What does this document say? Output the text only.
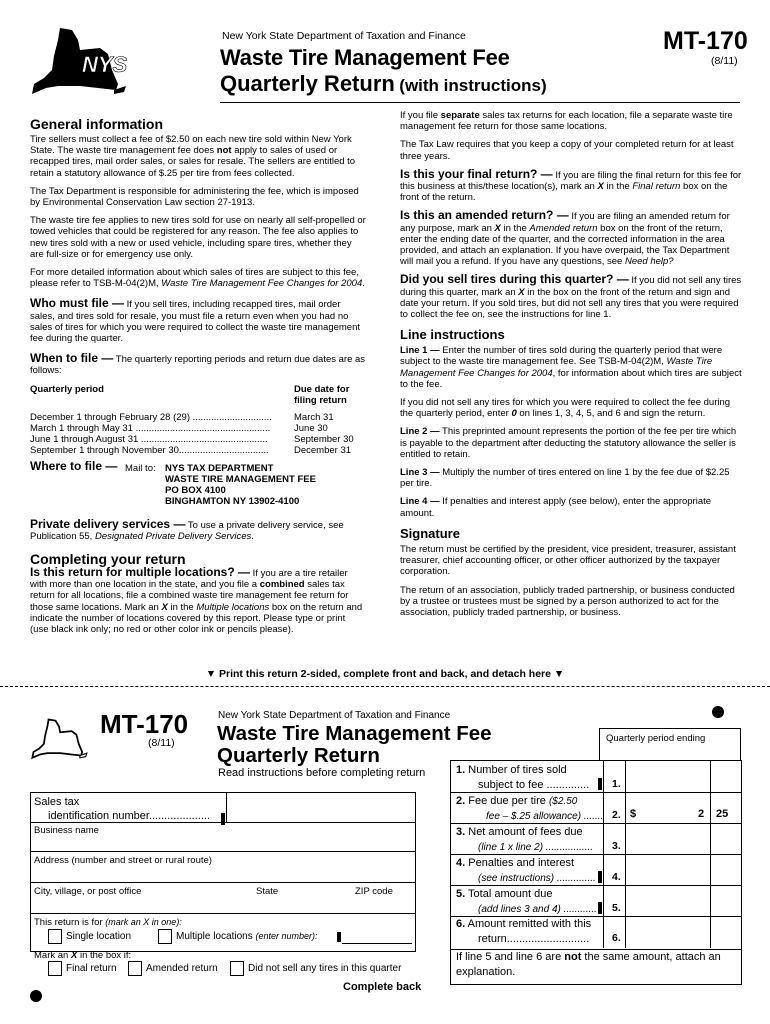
NYS
New York State Department of Taxation and Finance	MT-170
(8/11)
Waste Tire Management Fee
Quarterly Return (with instructions)
General information

Tire sellers must collect a fee of $2.50 on each new tire sold within New York State. The waste tire management fee does not apply to sales of used or recapped tires, mail order sales, or sales for resale. The sellers are entitled to retain a statutory allowance of $.25 per tire from fees collected.

The Tax Department is responsible for administering the fee, which is imposed by Environmental Conservation Law section 27-1913.

The waste tire fee applies to new tires sold for use on nearly all self-propelled or towed vehicles that could be registered for any reason. The fee also applies to new tires sold with a new or used vehicle, including spare tires, whether they are full-size or for emergency use only.

For more detailed information about which sales of tires are subject to this fee, please refer to TSB-M-04(2)M, Waste Tire Management Fee Changes for 2004.

Who must file — If you sell tires, including recapped tires, mail order sales, and tires sold for resale, you must file a return even when you had no sales of tires for which you were required to collect the waste tire management fee during the quarter.

When to file — The quarterly reporting periods and return due dates are as follows:

Quarterly period	Due date for
filing return
December 1 through February 28 (29) ..............................	March 31
March 1 through May 31 ...................................................	June 30
June 1 through August 31 ................................................	September 30
September 1 through November 30..................................	December 31
Where to file — Mail to: NYS TAX DEPARTMENT
WASTE TIRE MANAGEMENT FEE
PO BOX 4100
BINGHAMTON NY 13902-4100

Private delivery services — To use a private delivery service, see Publication 55, Designated Private Delivery Services.

Completing your return

Is this return for multiple locations? — If you are a tire retailer with more than one location in the state, and you file a combined sales tax return for all locations, file a combined waste tire management fee return for those same locations. Mark an X in the Multiple locations box on the return and indicate the number of locations covered by this report. Please type or print (use black ink only; no red or other color ink or pencils please).

If you file separate sales tax returns for each location, file a separate waste tire management fee return for those same locations.

The Tax Law requires that you keep a copy of your completed return for at least three years.

Is this your final return? — If you are filing the final return for this fee for this business at this/these location(s), mark an X in the Final return box on the front of the return.

Is this an amended return? — If you are filing an amended return for any purpose, mark an X in the Amended return box on the front of the return, enter the ending date of the quarter, and the corrected information in the area provided, and attach an explanation. If you have overpaid, the Tax Department will mail you a refund. If you have any questions, see Need help?

Did you sell tires during this quarter? — If you did not sell any tires during this quarter, mark an X in the box on the front of the return and sign and date your return. If you sold tires, but did not sell any tires that you were required to collect the fee on, see the instructions for line 1.

Line instructions

Line 1 — Enter the number of tires sold during the quarterly period that were subject to the waste tire management fee. See TSB-M-04(2)M, Waste Tire Management Fee Changes for 2004, for information about which tires are subject to the fee.

If you did not sell any tires for which you were required to collect the fee during the quarterly period, enter 0 on lines 1, 3, 4, 5, and 6 and sign the return.

Line 2 — This preprinted amount represents the portion of the fee per tire which is payable to the department after deducting the statutory allowance the seller is entitled to retain.

Line 3 — Multiply the number of tires entered on line 1 by the fee due of $2.25 per tire.

Line 4 — If penalties and interest apply (see below), enter the appropriate amount.

Signature

The return must be certified by the president, vice president, treasurer, assistant treasurer, chief accounting officer, or other officer authorized by the taxpayer corporation.

The return of an association, publicly traded partnership, or business conducted by a trustee or trustees must be signed by a person authorized to act for the association, publicly traded partnership, or business.

▼ Print this return 2-sided, complete front and back, and detach here ▼
MT-170
(8/11)
New York State Department of Taxation and Finance
Waste Tire Management Fee
Quarterly Return
Read instructions before completing return
Quarterly period ending
Sales tax
identification number....................
Business name
Address (number and street or rural route)
City, village, or post office	State	ZIP code
This return is for (mark an X in one):
Single location	Multiple locations (enter number):
Mark an X in the box if:
Final return	Amended return	Did not sell any tires in this quarter
Complete back
1. Number of tires sold
subject to fee .............. 1.
2. Fee due per tire ($2.50
fee – $.25 allowance) ....... 2. $	2 25
3. Net amount of fees due
(line 1 x line 2) ................. 3.
4. Penalties and interest
(see instructions) .............. 4.
5. Total amount due
(add lines 3 and 4) ............ 5.
6. Amount remitted with this
return........................... 6.
If line 5 and line 6 are not the same amount, attach an explanation.
